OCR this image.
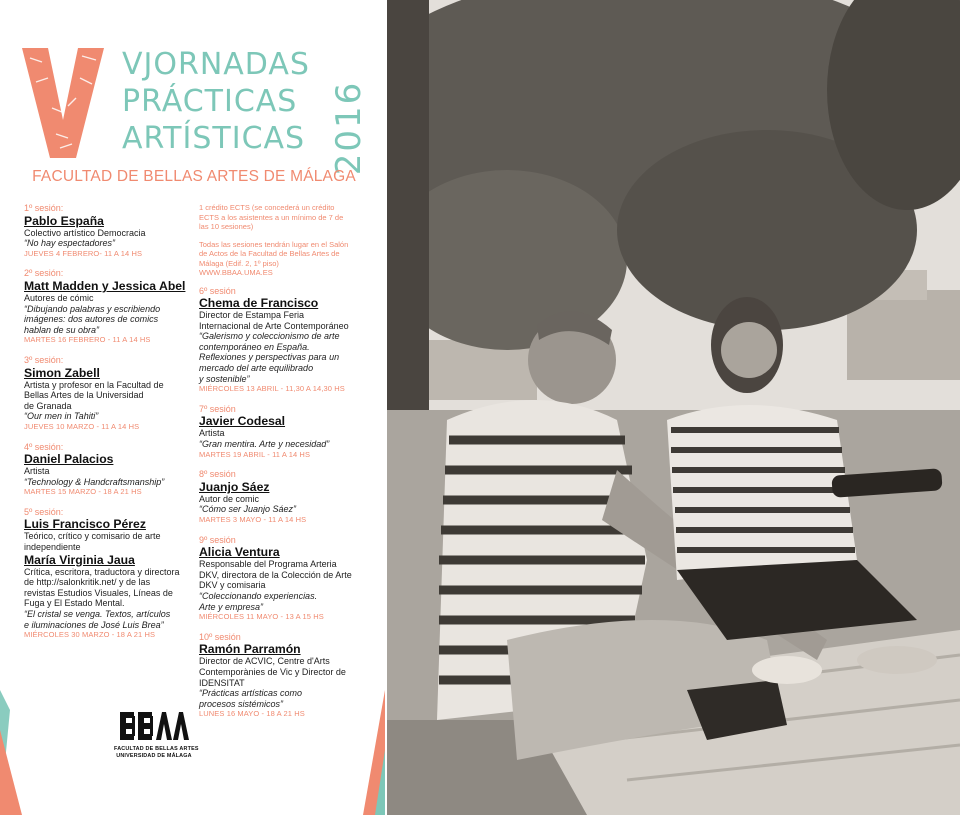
VJORNADAS
PRÁCTICAS
ARTÍSTICAS 2016
FACULTAD DE BELLAS ARTES DE MÁLAGA
1º sesión:
Pablo España
Colectivo artístico Democracia
“No hay espectadores”
JUEVES 4 FEBRERO- 11 A 14 HS
2º sesión:
Matt Madden y Jessica Abel
Autores de cómic
“Dibujando palabras y escribiendo
imágenes: dos autores de comics
hablan de su obra”
MARTES 16 FEBRERO - 11 A 14 HS
3º sesión:
Simon Zabell
Artista y profesor en la Facultad de
Bellas Artes de la Universidad
de Granada
“Our men in Tahiti”
JUEVES 10 MARZO - 11 A 14 HS
4º sesión:
Daniel Palacios
Artista
“Technology & Handcraftsmanship”
MARTES 15 MARZO - 18 A 21 HS
5º sesión:
Luis Francisco Pérez
Teórico, crítico y comisario de arte
independiente
María Virginia Jaua
Crítica, escritora, traductora y directora
de http://salonkritik.net/ y de las
revistas Estudios Visuales, Líneas de
Fuga y El Estado Mental.
“El cristal se venga. Textos, artículos
e iluminaciones de José Luis Brea”
MIÉRCOLES 30 MARZO - 18 A 21 HS
1 crédito ECTS (se concederá un crédito
ECTS a los asistentes a un mínimo de 7 de
las 10 sesiones)
Todas las sesiones tendrán lugar en el Salón
de Actos de la Facultad de Bellas Artes de
Málaga (Edif. 2, 1º piso)
WWW.BBAA.UMA.ES
6º sesión
Chema de Francisco
Director de Estampa Feria
Internacional de Arte Contemporáneo
“Galerismo y coleccionismo de arte
contemporáneo en España.
Reflexiones y perspectivas para un
mercado del arte equilibrado
y sostenible”
MIÉRCOLES 13 ABRIL - 11,30 A 14,30 HS
7º sesión
Javier Codesal
Artista
“Gran mentira. Arte y necesidad”
MARTES 19 ABRIL - 11 A 14 HS
8º sesión
Juanjo Sáez
Autor de comic
“Cómo ser Juanjo Sáez”
MARTES 3 MAYO - 11 A 14 HS
9º sesión
Alicia Ventura
Responsable del Programa Arteria
DKV, directora de la Colección de Arte
DKV y comisaria
“Coleccionando experiencias.
Arte y empresa”
MIÉRCOLES 11 MAYO - 13 A 15 HS
10º sesión
Ramón Parramón
Director de ACVIC, Centre d'Arts
Contemporànies de Vic y Director de
IDENSITAT
“Prácticas artísticas como
procesos sistémicos”
LUNES 16 MAYO - 18 A 21 HS
FACULTAD DE BELLAS ARTES
UNIVERSIDAD DE MÁLAGA
